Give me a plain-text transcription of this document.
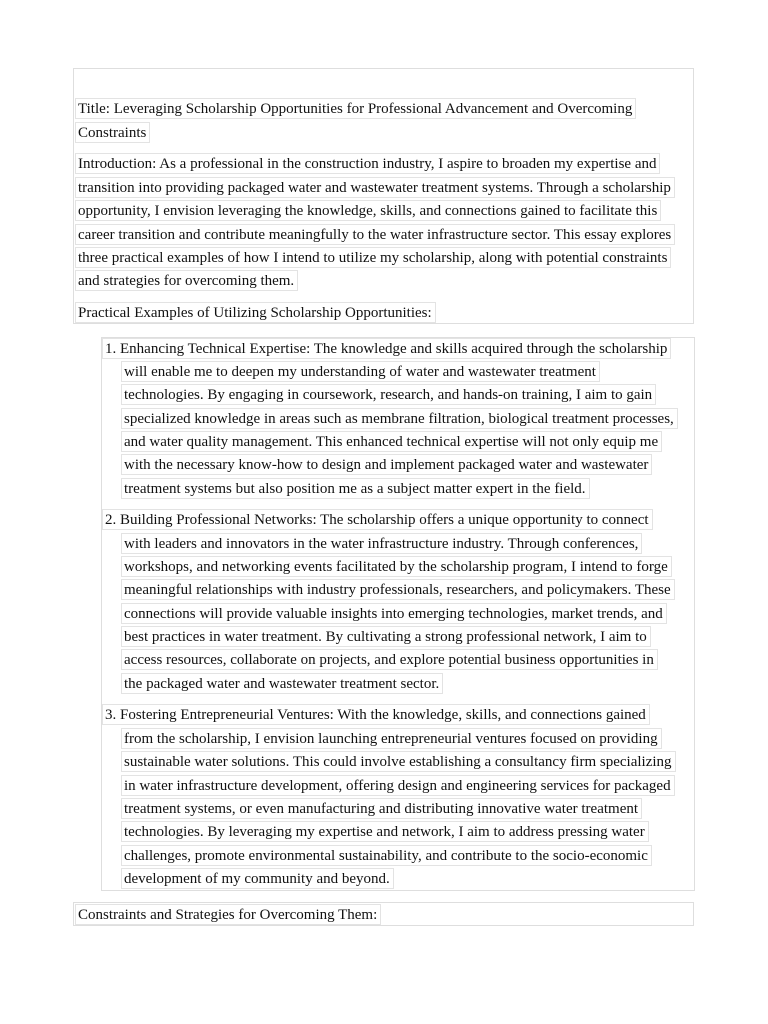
Title: Leveraging Scholarship Opportunities for Professional Advancement and Overcoming
Constraints
Introduction: As a professional in the construction industry, I aspire to broaden my expertise and
transition into providing packaged water and wastewater treatment systems. Through a scholarship
opportunity, I envision leveraging the knowledge, skills, and connections gained to facilitate this
career transition and contribute meaningfully to the water infrastructure sector. This essay explores
three practical examples of how I intend to utilize my scholarship, along with potential constraints
and strategies for overcoming them.
Practical Examples of Utilizing Scholarship Opportunities:
1. Enhancing Technical Expertise: The knowledge and skills acquired through the scholarship
will enable me to deepen my understanding of water and wastewater treatment
technologies. By engaging in coursework, research, and hands-on training, I aim to gain
specialized knowledge in areas such as membrane filtration, biological treatment processes,
and water quality management. This enhanced technical expertise will not only equip me
with the necessary know-how to design and implement packaged water and wastewater
treatment systems but also position me as a subject matter expert in the field.
2. Building Professional Networks: The scholarship offers a unique opportunity to connect
with leaders and innovators in the water infrastructure industry. Through conferences,
workshops, and networking events facilitated by the scholarship program, I intend to forge
meaningful relationships with industry professionals, researchers, and policymakers. These
connections will provide valuable insights into emerging technologies, market trends, and
best practices in water treatment. By cultivating a strong professional network, I aim to
access resources, collaborate on projects, and explore potential business opportunities in
the packaged water and wastewater treatment sector.
3. Fostering Entrepreneurial Ventures: With the knowledge, skills, and connections gained
from the scholarship, I envision launching entrepreneurial ventures focused on providing
sustainable water solutions. This could involve establishing a consultancy firm specializing
in water infrastructure development, offering design and engineering services for packaged
treatment systems, or even manufacturing and distributing innovative water treatment
technologies. By leveraging my expertise and network, I aim to address pressing water
challenges, promote environmental sustainability, and contribute to the socio-economic
development of my community and beyond.
Constraints and Strategies for Overcoming Them:
